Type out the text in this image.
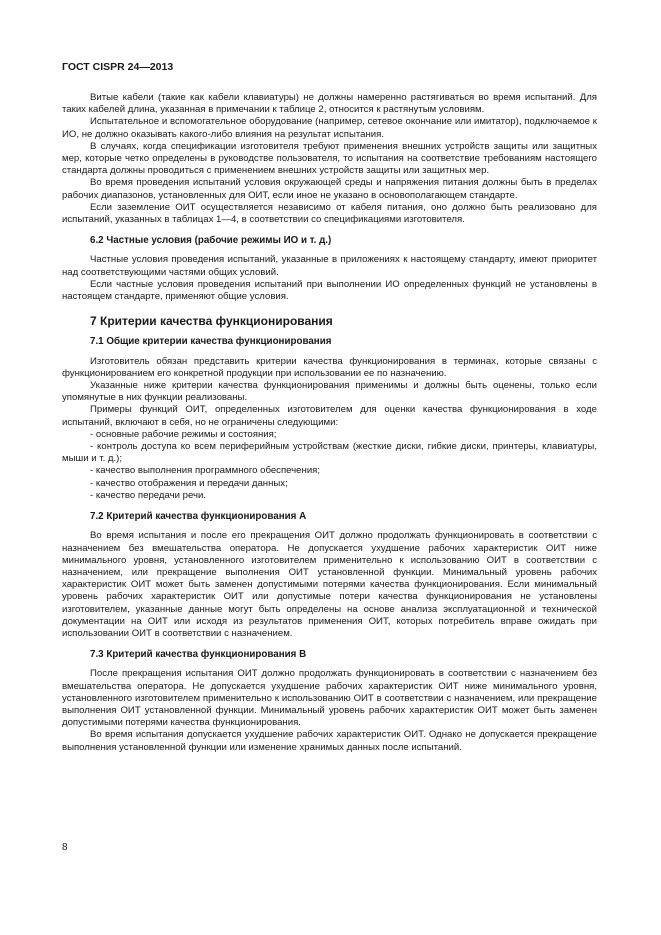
ГОСТ CISPR 24—2013

Витые кабели (такие как кабели клавиатуры) не должны намеренно растягиваться во время испытаний. Для таких кабелей длина, указанная в примечании к таблице 2, относится к растянутым условиям.

Испытательное и вспомогательное оборудование (например, сетевое окончание или имитатор), подключаемое к ИО, не должно оказывать какого-либо влияния на результат испытания.

В случаях, когда спецификации изготовителя требуют применения внешних устройств защиты или защитных мер, которые четко определены в руководстве пользователя, то испытания на соответствие требованиям настоящего стандарта должны проводиться с применением внешних устройств защиты или защитных мер.

Во время проведения испытаний условия окружающей среды и напряжения питания должны быть в пределах рабочих диапазонов, установленных для ОИТ, если иное не указано в основополагающем стандарте.

Если заземление ОИТ осуществляется независимо от кабеля питания, оно должно быть реализовано для испытаний, указанных в таблицах 1—4, в соответствии со спецификациями изготовителя.

6.2 Частные условия (рабочие режимы ИО и т. д.)

Частные условия проведения испытаний, указанные в приложениях к настоящему стандарту, имеют приоритет над соответствующими частями общих условий.

Если частные условия проведения испытаний при выполнении ИО определенных функций не установлены в настоящем стандарте, применяют общие условия.

7 Критерии качества функционирования

7.1 Общие критерии качества функционирования

Изготовитель обязан представить критерии качества функционирования в терминах, которые связаны с функционированием его конкретной продукции при использовании ее по назначению.

Указанные ниже критерии качества функционирования применимы и должны быть оценены, только если упомянутые в них функции реализованы.

Примеры функций ОИТ, определенных изготовителем для оценки качества функционирования в ходе испытаний, включают в себя, но не ограничены следующими:

- основные рабочие режимы и состояния;

- контроль доступа ко всем периферийным устройствам (жесткие диски, гибкие диски, принтеры, клавиатуры, мыши и т. д.);

- качество выполнения программного обеспечения;

- качество отображения и передачи данных;

- качество передачи речи.

7.2 Критерий качества функционирования А

Во время испытания и после его прекращения ОИТ должно продолжать функционировать в соответствии с назначением без вмешательства оператора. Не допускается ухудшение рабочих характеристик ОИТ ниже минимального уровня, установленного изготовителем применительно к использованию ОИТ в соответствии с назначением, или прекращение выполнения ОИТ установленной функции. Минимальный уровень рабочих характеристик ОИТ может быть заменен допустимыми потерями качества функционирования. Если минимальный уровень рабочих характеристик ОИТ или допустимые потери качества функционирования не установлены изготовителем, указанные данные могут быть определены на основе анализа эксплуатационной и технической документации на ОИТ или исходя из результатов применения ОИТ, которых потребитель вправе ожидать при использовании ОИТ в соответствии с назначением.

7.3 Критерий качества функционирования В

После прекращения испытания ОИТ должно продолжать функционировать в соответствии с назначением без вмешательства оператора. Не допускается ухудшение рабочих характеристик ОИТ ниже минимального уровня, установленного изготовителем применительно к использованию ОИТ в соответствии с назначением, или прекращение выполнения ОИТ установленной функции. Минимальный уровень рабочих характеристик ОИТ может быть заменен допустимыми потерями качества функционирования.

Во время испытания допускается ухудшение рабочих характеристик ОИТ. Однако не допускается прекращение выполнения установленной функции или изменение хранимых данных после испытаний.

8
